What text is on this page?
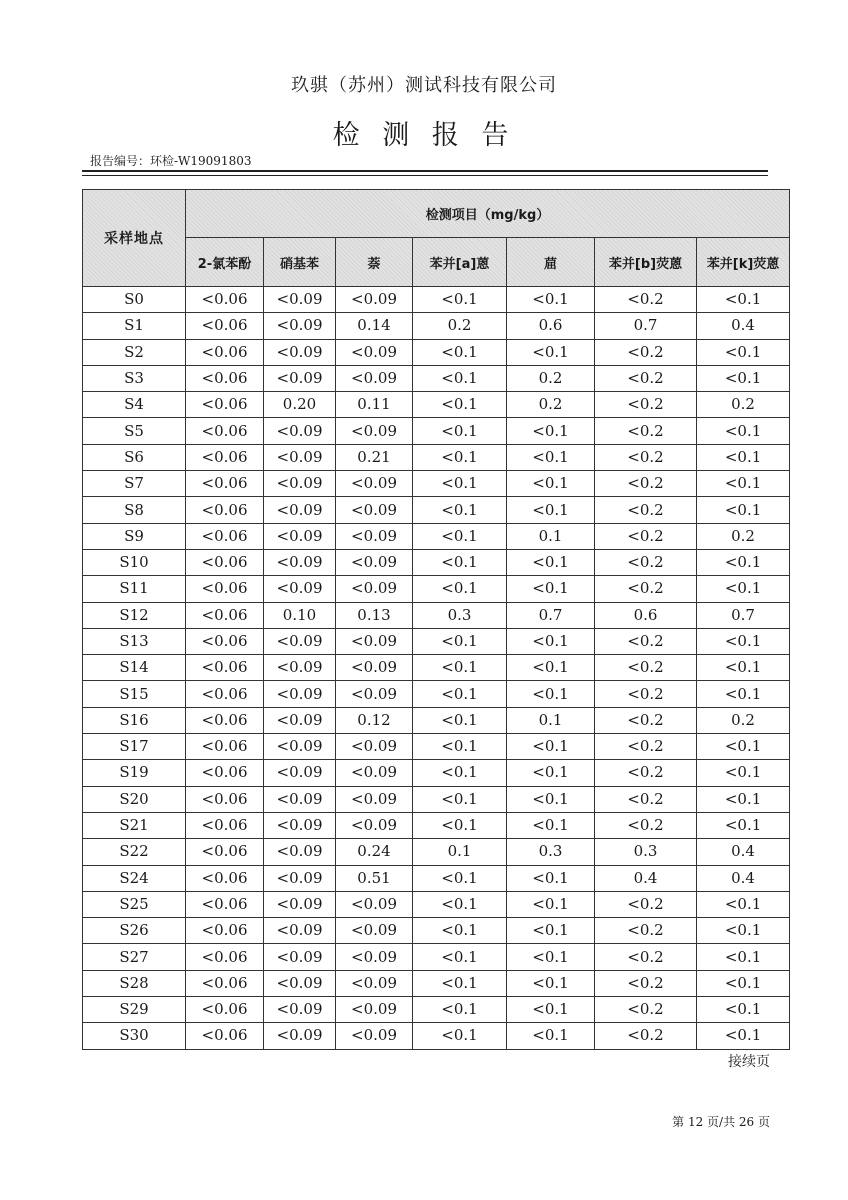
玖骐（苏州）测试科技有限公司
检 测 报 告
报告编号：环检-W19091803
采样地点	检测项目（mg/kg）						
	2-氯苯酚	硝基苯	萘	苯并[a]蒽	䓛	苯并[b]荧蒽	苯并[k]荧蒽
S0	<0.06	<0.09	<0.09	<0.1	<0.1	<0.2	<0.1
S1	<0.06	<0.09	0.14	0.2	0.6	0.7	0.4
S2	<0.06	<0.09	<0.09	<0.1	<0.1	<0.2	<0.1
S3	<0.06	<0.09	<0.09	<0.1	0.2	<0.2	<0.1
S4	<0.06	0.20	0.11	<0.1	0.2	<0.2	0.2
S5	<0.06	<0.09	<0.09	<0.1	<0.1	<0.2	<0.1
S6	<0.06	<0.09	0.21	<0.1	<0.1	<0.2	<0.1
S7	<0.06	<0.09	<0.09	<0.1	<0.1	<0.2	<0.1
S8	<0.06	<0.09	<0.09	<0.1	<0.1	<0.2	<0.1
S9	<0.06	<0.09	<0.09	<0.1	0.1	<0.2	0.2
S10	<0.06	<0.09	<0.09	<0.1	<0.1	<0.2	<0.1
S11	<0.06	<0.09	<0.09	<0.1	<0.1	<0.2	<0.1
S12	<0.06	0.10	0.13	0.3	0.7	0.6	0.7
S13	<0.06	<0.09	<0.09	<0.1	<0.1	<0.2	<0.1
S14	<0.06	<0.09	<0.09	<0.1	<0.1	<0.2	<0.1
S15	<0.06	<0.09	<0.09	<0.1	<0.1	<0.2	<0.1
S16	<0.06	<0.09	0.12	<0.1	0.1	<0.2	0.2
S17	<0.06	<0.09	<0.09	<0.1	<0.1	<0.2	<0.1
S19	<0.06	<0.09	<0.09	<0.1	<0.1	<0.2	<0.1
S20	<0.06	<0.09	<0.09	<0.1	<0.1	<0.2	<0.1
S21	<0.06	<0.09	<0.09	<0.1	<0.1	<0.2	<0.1
S22	<0.06	<0.09	0.24	0.1	0.3	0.3	0.4
S24	<0.06	<0.09	0.51	<0.1	<0.1	0.4	0.4
S25	<0.06	<0.09	<0.09	<0.1	<0.1	<0.2	<0.1
S26	<0.06	<0.09	<0.09	<0.1	<0.1	<0.2	<0.1
S27	<0.06	<0.09	<0.09	<0.1	<0.1	<0.2	<0.1
S28	<0.06	<0.09	<0.09	<0.1	<0.1	<0.2	<0.1
S29	<0.06	<0.09	<0.09	<0.1	<0.1	<0.2	<0.1
S30	<0.06	<0.09	<0.09	<0.1	<0.1	<0.2	<0.1
接续页
第 12 页/共 26 页
